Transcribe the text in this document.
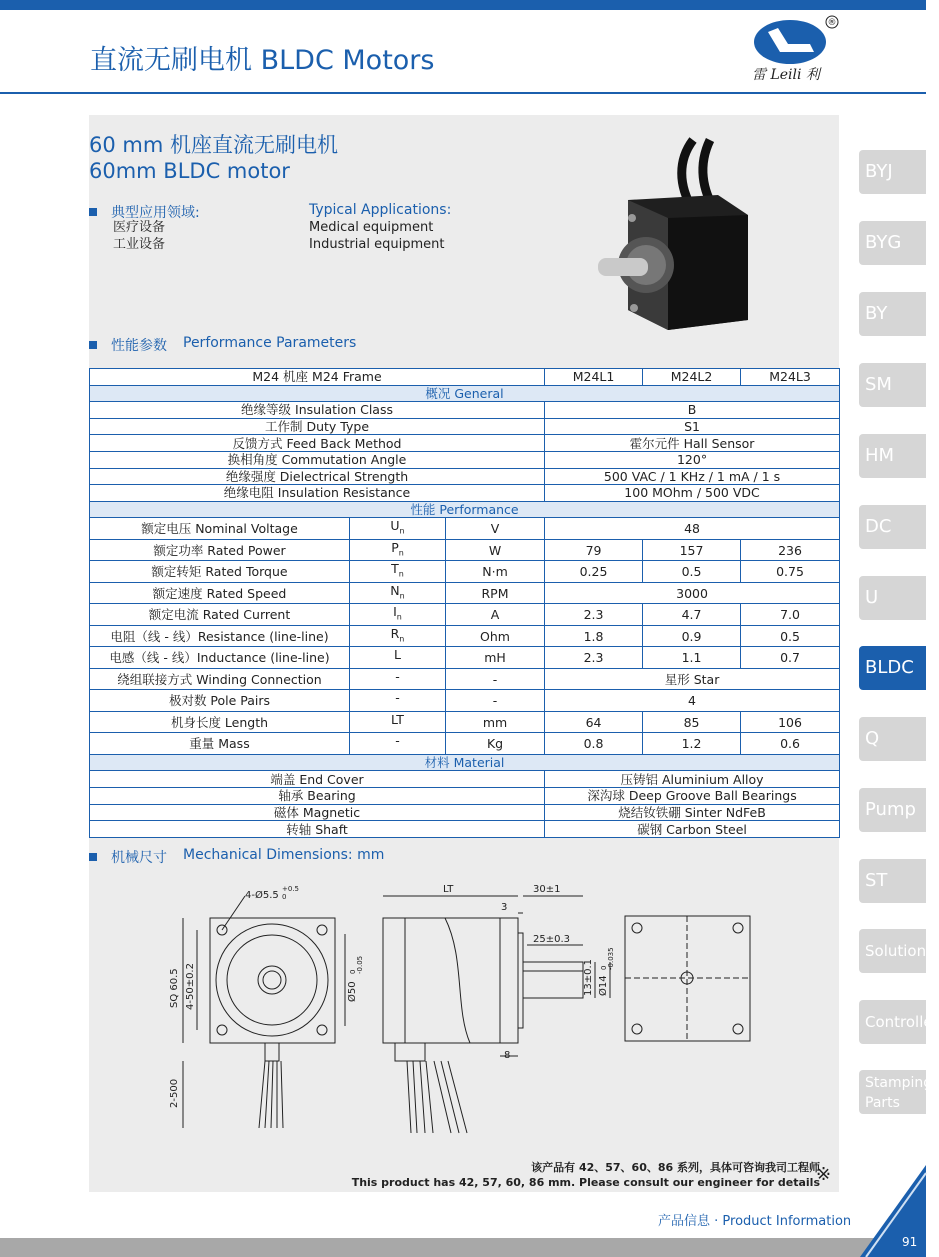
直流无刷电机 BLDC Motors
®
雷 Leili 利
60 mm 机座直流无刷电机
60mm BLDC motor
典型应用领域:	Typical Applications:
医疗设备
工业设备
Medical equipment
Industrial equipment
性能参数 Performance Parameters
M24 机座 M24 Frame			M24L1	M24L2	M24L3
概况 General					
绝缘等级 Insulation Class			B		
工作制 Duty Type			S1		
反馈方式 Feed Back Method			霍尔元件 Hall Sensor		
换相角度 Commutation Angle			120°		
绝缘强度 Dielectrical Strength			500 VAC / 1 KHz / 1 mA / 1 s		
绝缘电阻 Insulation Resistance			100 MOhm / 500 VDC		
性能 Performance					
额定电压 Nominal Voltage	$U_n$	V	48		
额定功率 Rated Power	$P_n$	W	79	157	236
额定转矩 Rated Torque	$T_n$	N·m	0.25	0.5	0.75
额定速度 Rated Speed	$N_n$	RPM	3000		
额定电流 Rated Current	$I_n$	A	2.3	4.7	7.0
电阻（线 - 线）Resistance (line-line)	$R_n$	Ohm	1.8	0.9	0.5
电感（线 - 线）Inductance (line-line)	L	mH	2.3	1.1	0.7
绕组联接方式 Winding Connection	-	-	星形 Star		
极对数 Pole Pairs	-	-	4		
机身长度 Length	LT	mm	64	85	106
重量 Mass	-	Kg	0.8	1.2	0.6
材料 Material					
端盖 End Cover			压铸铝 Aluminium Alloy		
轴承 Bearing			深沟球 Deep Groove Ball Bearings		
磁体 Magnetic			烧结钕铁硼 Sinter NdFeB		
转轴 Shaft			碳钢 Carbon Steel		
机械尺寸 Mechanical Dimensions: mm
4-Ø5.5
+0.5
0
SQ 60.5 4-50±0.2	Ø50
0 -0.05
2-500
LT	30±1
3
25±0.3
13±0.1 Ø14
0 -0.035
8
该产品有 42、57、60、86 系列，具体可咨询我司工程师
This product has 42, 57, 60, 86 mm. Please consult our engineer for details
※
BYJ
BYG
BY
SM
HM
DC
U
BLDC
Q
Pump
ST
Solution
Controller
Stamping Parts
产品信息 · Product Information
91
